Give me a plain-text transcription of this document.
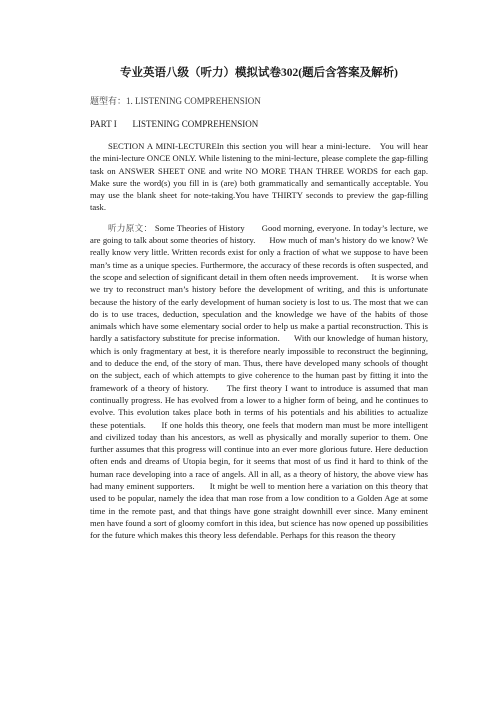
专业英语八级（听力）模拟试卷302(题后含答案及解析)

题型有：1. LISTENING COMPREHENSION

PART I       LISTENING COMPREHENSION

SECTION A MINI-LECTUREIn this section you will hear a mini-lecture.   You will hear the mini-lecture ONCE ONLY. While listening to the mini-lecture, please complete the gap-filling task on ANSWER SHEET ONE and write NO MORE THAN THREE WORDS for each gap. Make sure the word(s) you fill in is (are) both grammatically and semantically acceptable. You may use the blank sheet for note-taking.You have THIRTY seconds to preview the gap-filling task.

听力原文： Some Theories of History       Good morning, everyone. In today’s lecture, we are going to talk about some theories of history.      How much of man’s history do we know? We really know very little. Written records exist for only a fraction of what we suppose to have been man’s time as a unique species. Furthermore, the accuracy of these records is often suspected, and the scope and selection of significant detail in them often needs improvement.      It is worse when we try to reconstruct man’s history before the development of writing, and this is unfortunate because the history of the early development of human society is lost to us. The most that we can do is to use traces, deduction, speculation and the knowledge we have of the habits of those animals which have some elementary social order to help us make a partial reconstruction. This is hardly a satisfactory substitute for precise information.      With our knowledge of human history, which is only fragmentary at best, it is therefore nearly impossible to reconstruct the beginning, and to deduce the end, of the story of man. Thus, there have developed many schools of thought on the subject, each of which attempts to give coherence to the human past by fitting it into the framework of a theory of history.      The first theory I want to introduce is assumed that man continually progress. He has evolved from a lower to a higher form of being, and he continues to evolve. This evolution takes place both in terms of his potentials and his abilities to actualize these potentials.      If one holds this theory, one feels that modern man must be more intelligent and civilized today than his ancestors, as well as physically and morally superior to them. One further assumes that this progress will continue into an ever more glorious future. Here deduction often ends and dreams of Utopia begin, for it seems that most of us find it hard to think of the human race developing into a race of angels. All in all, as a theory of history, the above view has had many eminent supporters.      It might be well to mention here a variation on this theory that used to be popular, namely the idea that man rose from a low condition to a Golden Age at some time in the remote past, and that things have gone straight downhill ever since. Many eminent men have found a sort of gloomy comfort in this idea, but science has now opened up possibilities for the future which makes this theory less defendable. Perhaps for this reason the theory
